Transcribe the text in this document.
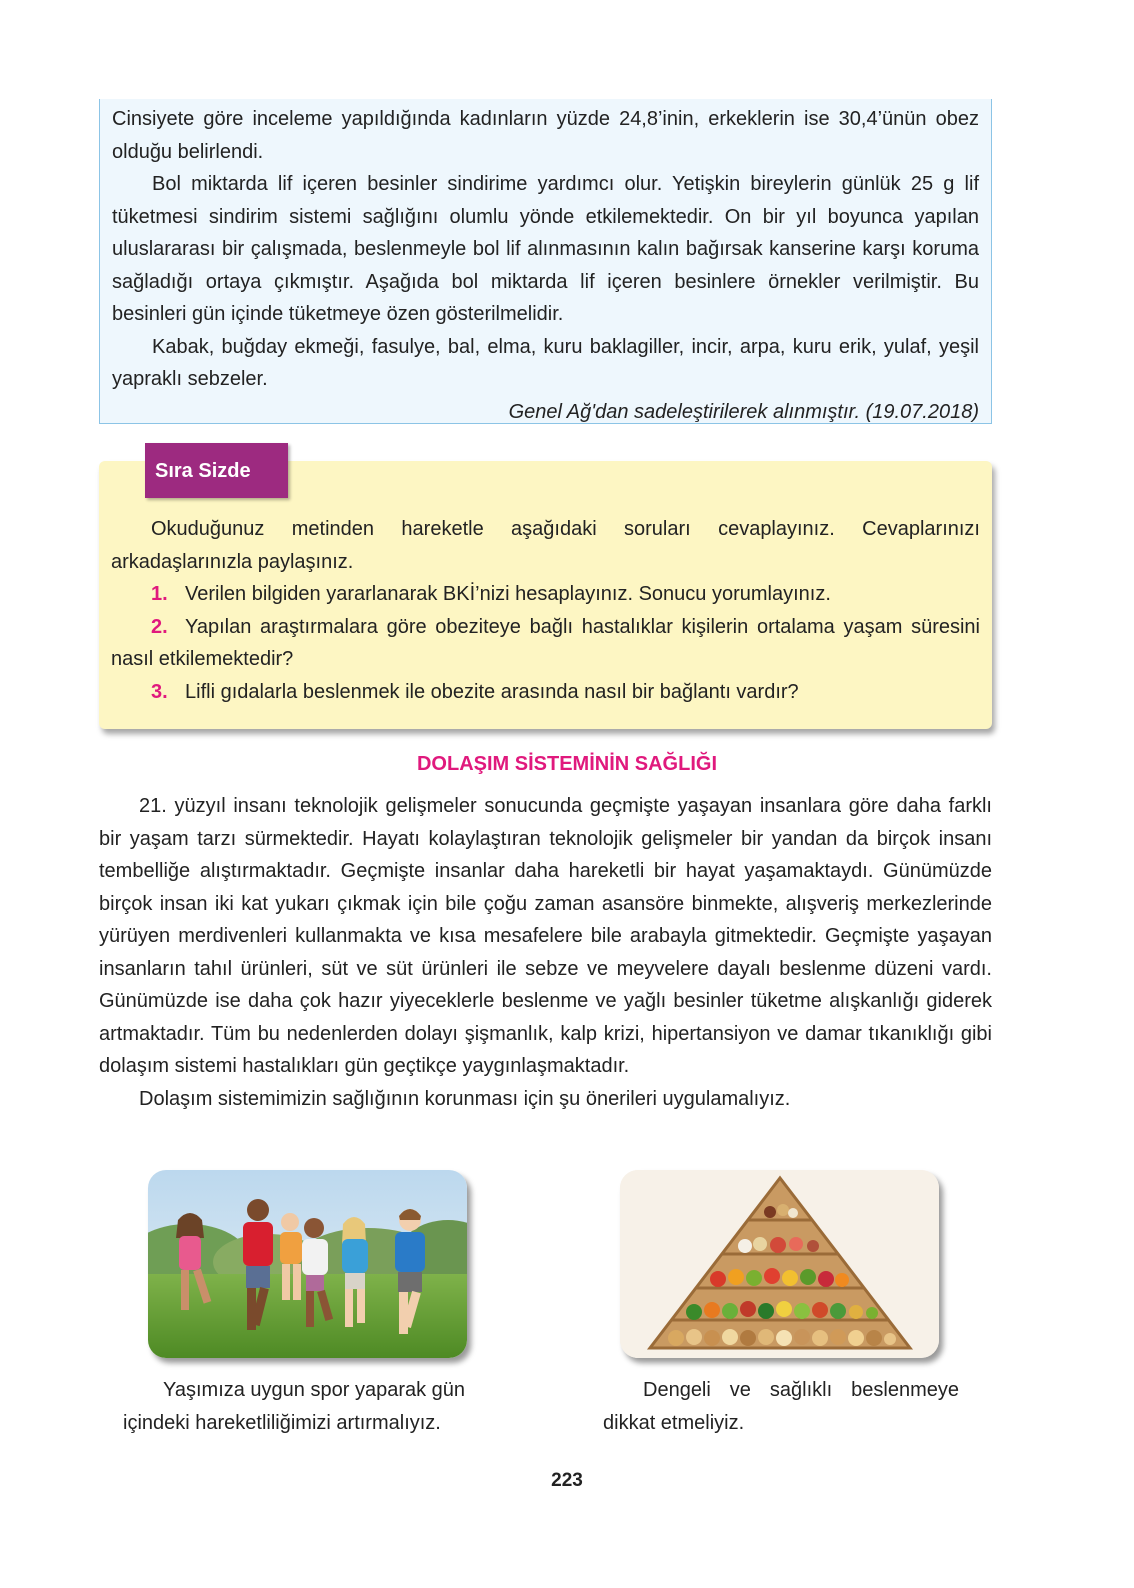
Cinsiyete göre inceleme yapıldığında kadınların yüzde 24,8’inin, erkeklerin ise 30,4’ünün obez olduğu belirlendi.

Bol miktarda lif içeren besinler sindirime yardımcı olur. Yetişkin bireylerin günlük 25 g lif tüketmesi sindirim sistemi sağlığını olumlu yönde etkilemektedir. On bir yıl boyunca yapılan uluslararası bir çalışmada, beslenmeyle bol lif alınmasının kalın bağırsak kanserine karşı koruma sağladığı ortaya çıkmıştır. Aşağıda bol miktarda lif içeren besinlere örnekler verilmiştir. Bu besinleri gün içinde tüketmeye özen gösterilmelidir.

Kabak, buğday ekmeği, fasulye, bal, elma, kuru baklagiller, incir, arpa, kuru erik, yulaf, yeşil yapraklı sebzeler.

Genel Ağ'dan sadeleştirilerek alınmıştır. (19.07.2018)

Okuduğunuz metinden hareketle aşağıdaki soruları cevaplayınız. Cevaplarınızı arkadaşlarınızla paylaşınız.

1. Verilen bilgiden yararlanarak BKİ’nizi hesaplayınız. Sonucu yorumlayınız.

2. Yapılan araştırmalara göre obeziteye bağlı hastalıklar kişilerin ortalama yaşam süresini nasıl etkilemektedir?

3. Lifli gıdalarla beslenmek ile obezite arasında nasıl bir bağlantı vardır?

Sıra Sizde
DOLAŞIM SİSTEMİNİN SAĞLIĞI

21. yüzyıl insanı teknolojik gelişmeler sonucunda geçmişte yaşayan insanlara göre daha farklı bir yaşam tarzı sürmektedir. Hayatı kolaylaştıran teknolojik gelişmeler bir yandan da birçok insanı tembelliğe alıştırmaktadır. Geçmişte insanlar daha hareketli bir hayat yaşamaktaydı. Günümüzde birçok insan iki kat yukarı çıkmak için bile çoğu zaman asansöre binmekte, alışveriş merkezlerinde yürüyen merdivenleri kullanmakta ve kısa mesafelere bile arabayla gitmektedir. Geçmişte yaşayan insanların tahıl ürünleri, süt ve süt ürünleri ile sebze ve meyvelere dayalı beslenme düzeni vardı. Günümüzde ise daha çok hazır yiyeceklerle beslenme ve yağlı besinler tüketme alışkanlığı giderek artmaktadır. Tüm bu nedenlerden dolayı şişmanlık, kalp krizi, hipertansiyon ve damar tıkanıklığı gibi dolaşım sistemi hastalıkları gün geçtikçe yaygınlaşmaktadır.

Dolaşım sistemimizin sağlığının korunması için şu önerileri uygulamalıyız.

Yaşımıza uygun spor yaparak gün içindeki hareketliliğimizi artırmalıyız.

Dengeli ve sağlıklı beslenmeye dikkat etmeliyiz.

223
